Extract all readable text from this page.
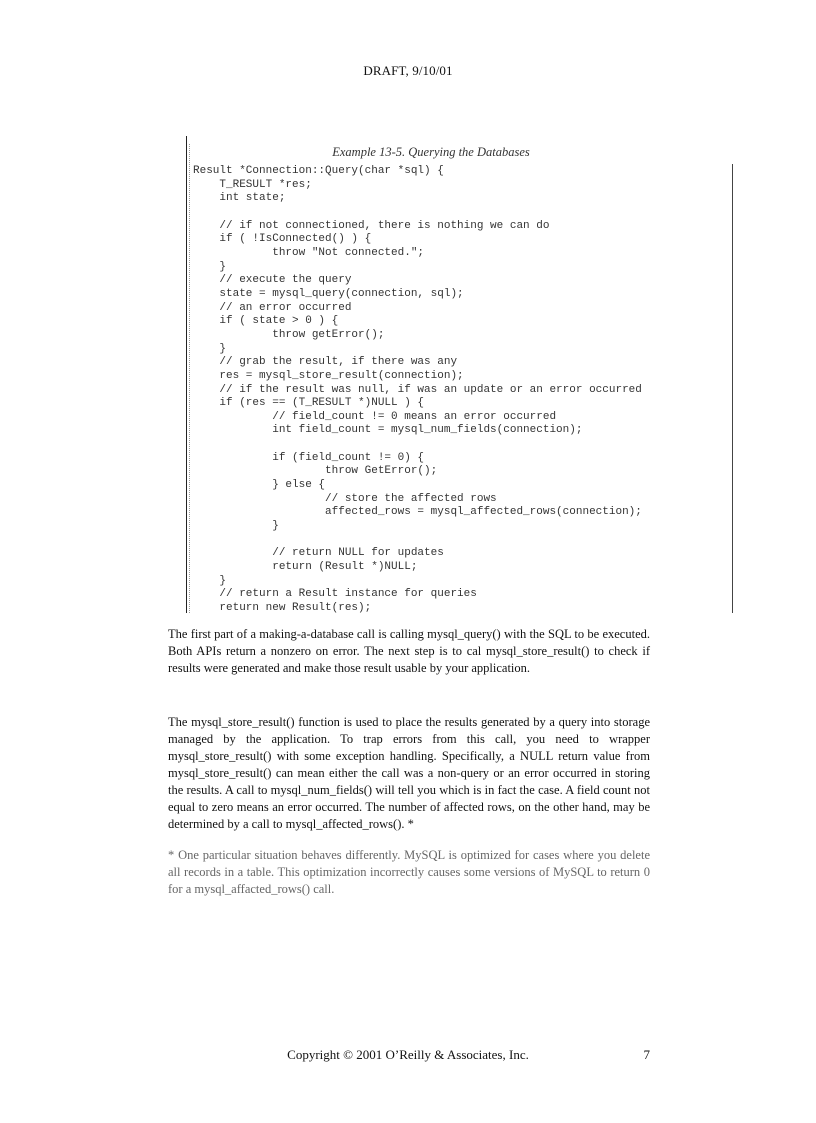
DRAFT, 9/10/01
Example 13-5. Querying the Databases
Result *Connection::Query(char *sql) {
T_RESULT *res;
int state;

// if not connectioned, there is nothing we can do
if ( !IsConnected() ) {
throw "Not connected.";
}
// execute the query
state = mysql_query(connection, sql);
// an error occurred
if ( state > 0 ) {
throw getError();
}
// grab the result, if there was any
res = mysql_store_result(connection);
// if the result was null, if was an update or an error occurred
if (res == (T_RESULT *)NULL ) {
// field_count != 0 means an error occurred
int field_count = mysql_num_fields(connection);

if (field_count != 0) {
throw GetError();
} else {
// store the affected rows
affected_rows = mysql_affected_rows(connection);
}

// return NULL for updates
return (Result *)NULL;
}
// return a Result instance for queries
return new Result(res);

The first part of a making-a-database call is calling mysql_query() with the SQL to be executed. Both APIs return a nonzero on error. The next step is to cal mysql_store_result() to check if results were generated and make those result usable by your application.

The mysql_store_result() function is used to place the results generated by a query into storage managed by the application. To trap errors from this call, you need to wrapper mysql_store_result() with some exception handling. Specifically, a NULL return value from mysql_store_result() can mean either the call was a non-query or an error occurred in storing the results. A call to mysql_num_fields() will tell you which is in fact the case. A field count not equal to zero means an error occurred. The number of affected rows, on the other hand, may be determined by a call to mysql_affected_rows(). *

* One particular situation behaves differently. MySQL is optimized for cases where you delete all records in a table. This optimization incorrectly causes some versions of MySQL to return 0 for a mysql_affacted_rows() call.

Copyright © 2001 O’Reilly & Associates, Inc.	7
